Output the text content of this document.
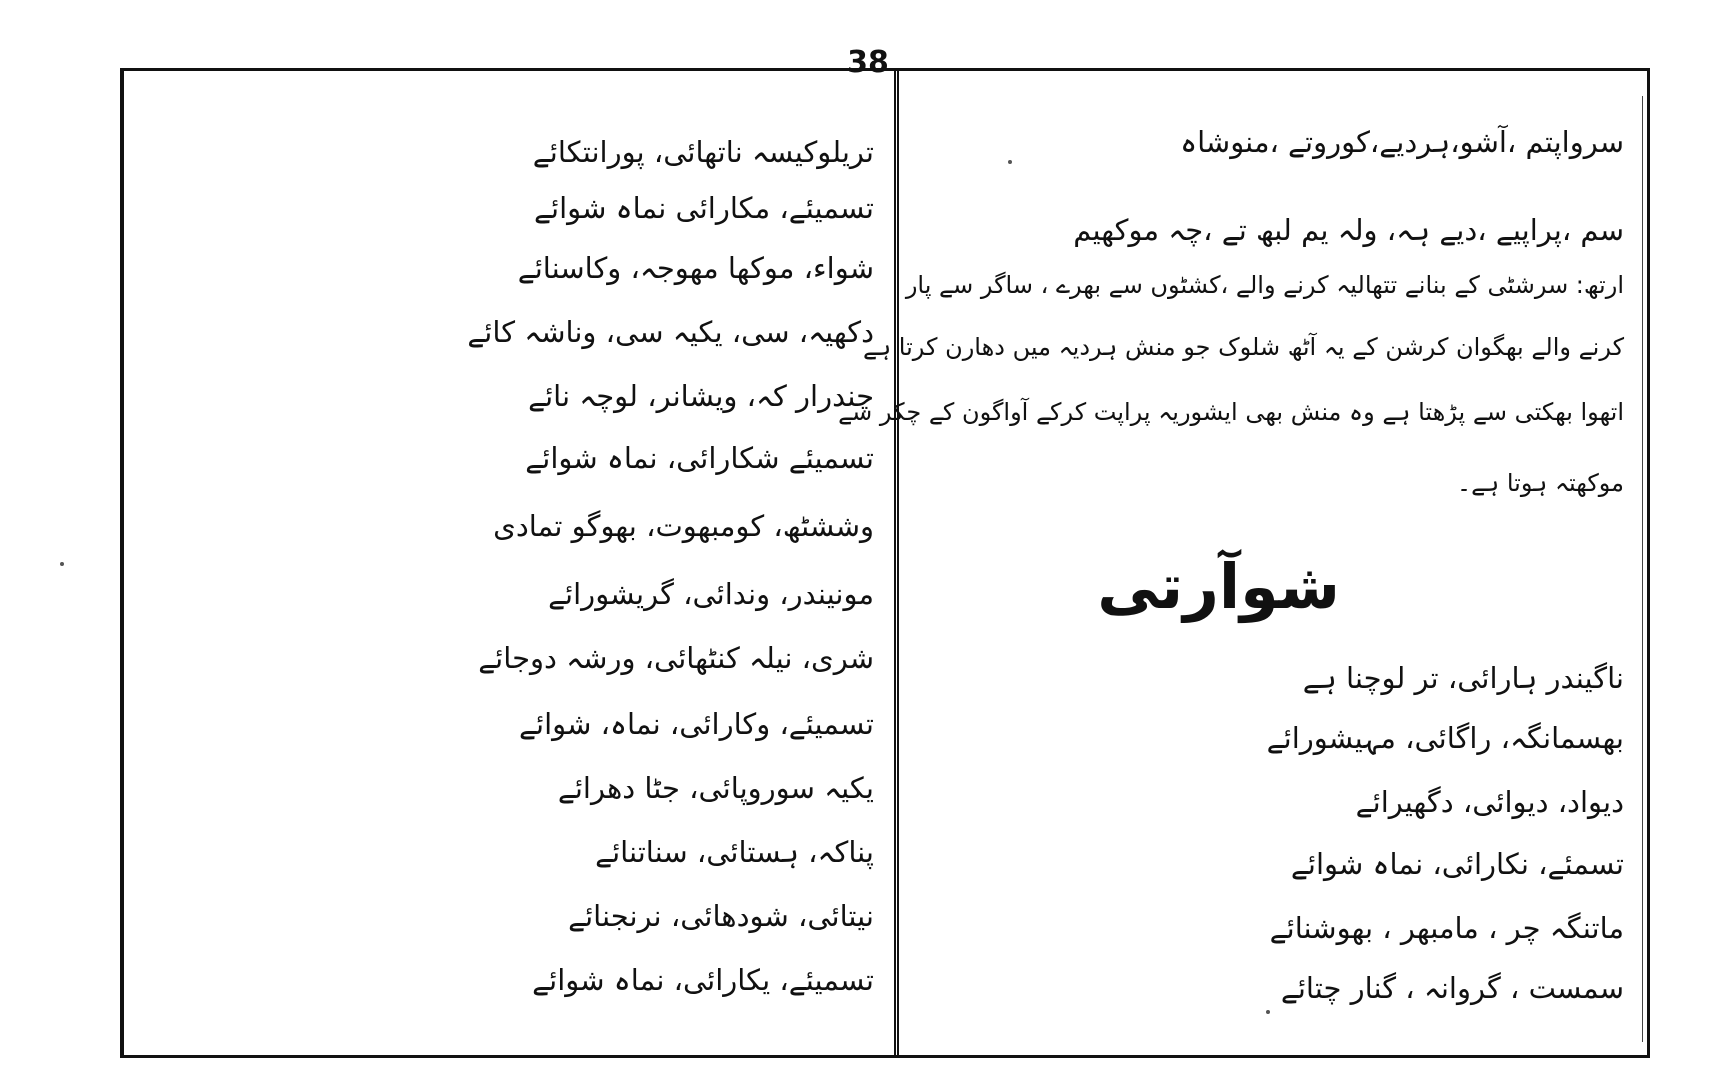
38
سرواپتم ،آشو،ہردیے،کوروتے ،منوشاہ
سم ،پراپیے ،دیے ہہ، ولہ یم لبھ تے ،چہ موکھیم
ارتھ: سرشٹی کے بنانے تتھالیہ کرنے والے ،کشٹوں سے بھرے ، ساگر سے پار
کرنے والے بھگوان کرشن کے یہ آٹھ شلوک جو منش ہردیہ میں دھارن کرتا ہے
اتھوا بھکتی سے پڑھتا ہے وہ منش بھی ایشوریہ پراپت کرکے آواگون کے چکر سے
موکھتہ ہوتا ہے۔
شوآرتی
ناگیندر ہارائی، تر لوچنا ہے
بھسمانگہ، راگائی، مہیشورائے
دیواد، دیوائی، دگھیرائے
تسمئے، نکارائی، نماہ شوائے
ماتنگہ چر ، مامبھر ، بھوشنائے
سمست ، گروانہ ، گنار چتائے
تریلوکیسہ ناتھائی، پورانتکائے
تسمیئے، مکارائی نماہ شوائے
شواء، موکھا مھوجہ، وکاسنائے
دکھیہ، سی، یکیہ سی، وناشہ کائے
چندرار کہ، ویشانر، لوچہ نائے
تسمیئے شکارائی، نماہ شوائے
وششٹھ، کومبھوت، بھوگو تمادی
مونیندر، وندائی، گریشورائے
شری، نیلہ کنٹھائی، ورشہ دوجائے
تسمیئے، وکارائی، نماہ، شوائے
یکیہ سوروپائی، جٹا دھرائے
پناکہ، ہستائی، سناتنائے
نیتائی، شودھائی، نرنجنائے
تسمیئے، یکارائی، نماہ شوائے
